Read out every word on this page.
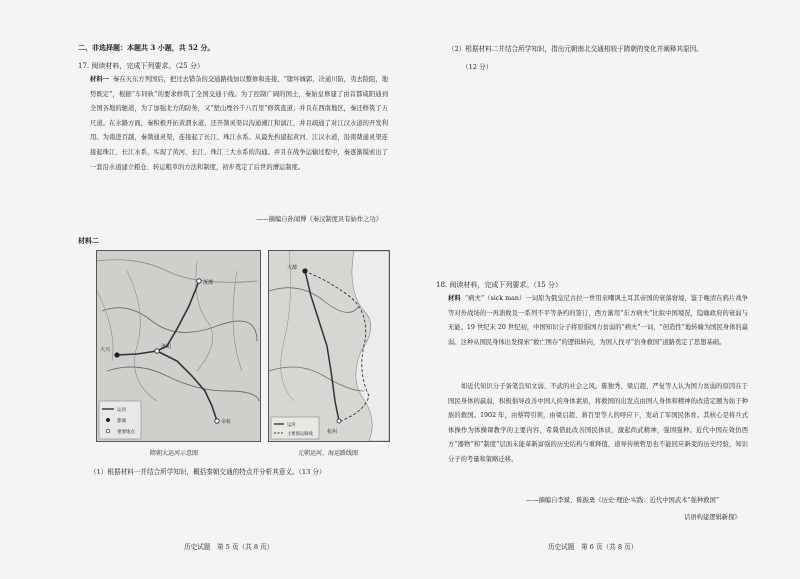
二、非选择题：本题共 3 小题，共 52 分。
17. 阅读材料，完成下列要求。（25 分）
材料一 秦在灭东方列国后，把过去错杂的交通路线加以整修和连接，“堕坏城郭，决通川防，夷去险阻，地势既定”，根据“车同轨”的要求修筑了全国交通干线。为了控制广阔的国土，秦始皇修建了由首都咸阳通到全国各地的驰道，为了加强北方的防务，又“堑山堙谷千八百里”修筑直道；并且在西南地区，秦还修筑了五尺道。在水路方面，秦积极开拓黄渭水道，还开凿灵渠以沟通湘江和漓江，并且疏通了对江汉水道的开发利用。为南进百越，秦凿通灵渠，连接起了长江、珠江水系。从最先构建起黄河、江汉水道，沿南凿通灵渠连接起珠江、长江水系，实现了黄河、长江、珠江三大水系的沟通。并且在战争运输过程中，秦逐渐摸索出了一套沿水道建立粮仓、转运粮草的方法和制度，初步奠定了后世的漕运制度。
——摘编自孙闻博《秦汉制度具有始作之功》
材料二
涿郡
大兴	洛阳
余杭
运河
都城
重要地点
隋朝大运河示意图
大都
杭州
运河
主要海运路线
元朝运河、海运路线图
（1）根据材料一并结合所学知识，概括秦朝交通的特点并分析其意义。（13 分）
历史试题　第 5 页（共 8 页）
（2）根据材料二并结合所学知识，指出元朝南北交通相较于隋朝的变化并阐释其原因。
（12 分）
18. 阅读材料，完成下列要求。（15 分）
材料 “病夫”（sick man）一词原为俄皇尼古拉一世用来嘲讽土耳其帝国的衰落窘境，鉴于晚清在鸦片战争等对外战场的一再溃败及一系列不平等条约的签订，西方渐用“东方病夫”比拟中国境况，隐喻政府的衰弱与无能。19 世纪末 20 世纪初，中国知识分子将原指国力贫弱的“病夫”一词，“创造性”地转喻为国民身体的羸弱。这种从国民身体出发探索“救亡图存”的逻辑转向，为国人找寻“治身救国”道路奠定了思想基础。
如近代知识分子备笔良知文弱、不武的社会之风。陈独秀、梁启超、严复等人认为国力贫弱的原因在于国民身体的羸弱，积极倡导改善中国人的身体素质，将救国的出发点由国人身体和精神的改造定题为始于种族的救国。1902 年，由蔡锷引领，由梁启超、蒋百里等人的呼应下，发动了军国民体育。其核心是将兵式体操作为体操课教学的主要内容，希冀借此改善国民体质，激起尚武精神，强国强种。近代中国在效仿西方“器物”和“制度”层面未能革新富强的历史结构与重释值，道导传统哲思也不能回应新变的历史经验，知识分子的考量和策略迁移。
——摘编自李斌、陈振勇《历史·理论·实践：近代中国武术“强种救国”
话语构建逻辑新探》
历史试题　第 6 页（共 8 页）
